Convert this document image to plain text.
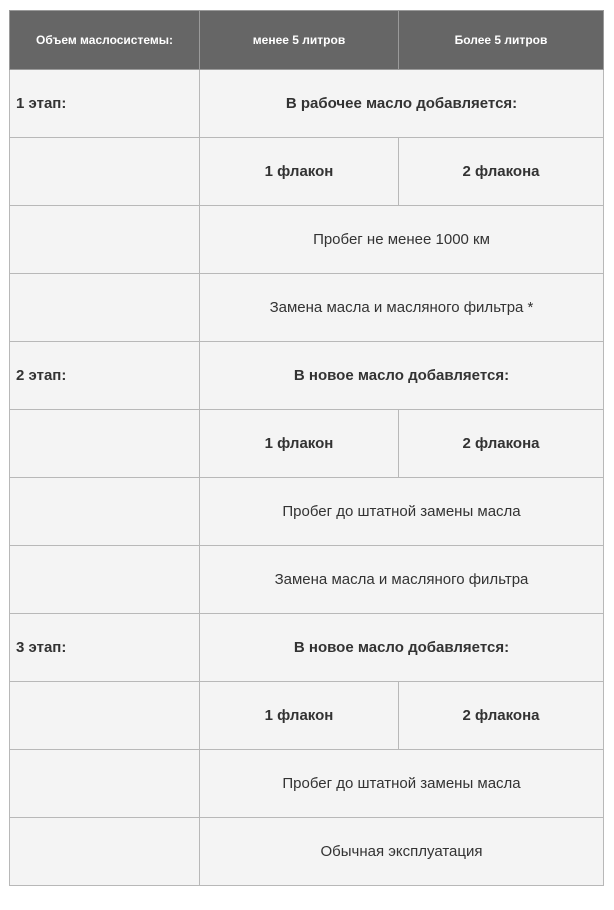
Объем маслосистемы:	менее 5 литров	Более 5 литров
1 этап:	В рабочее масло добавляется:	
	1 флакон	2 флакона
	Пробег не менее 1000 км	
	Замена масла и масляного фильтра *	
2 этап:	В новое масло добавляется:	
	1 флакон	2 флакона
	Пробег до штатной замены масла	
	Замена масла и масляного фильтра	
3 этап:	В новое масло добавляется:	
	1 флакон	2 флакона
	Пробег до штатной замены масла	
	Обычная эксплуатация	
